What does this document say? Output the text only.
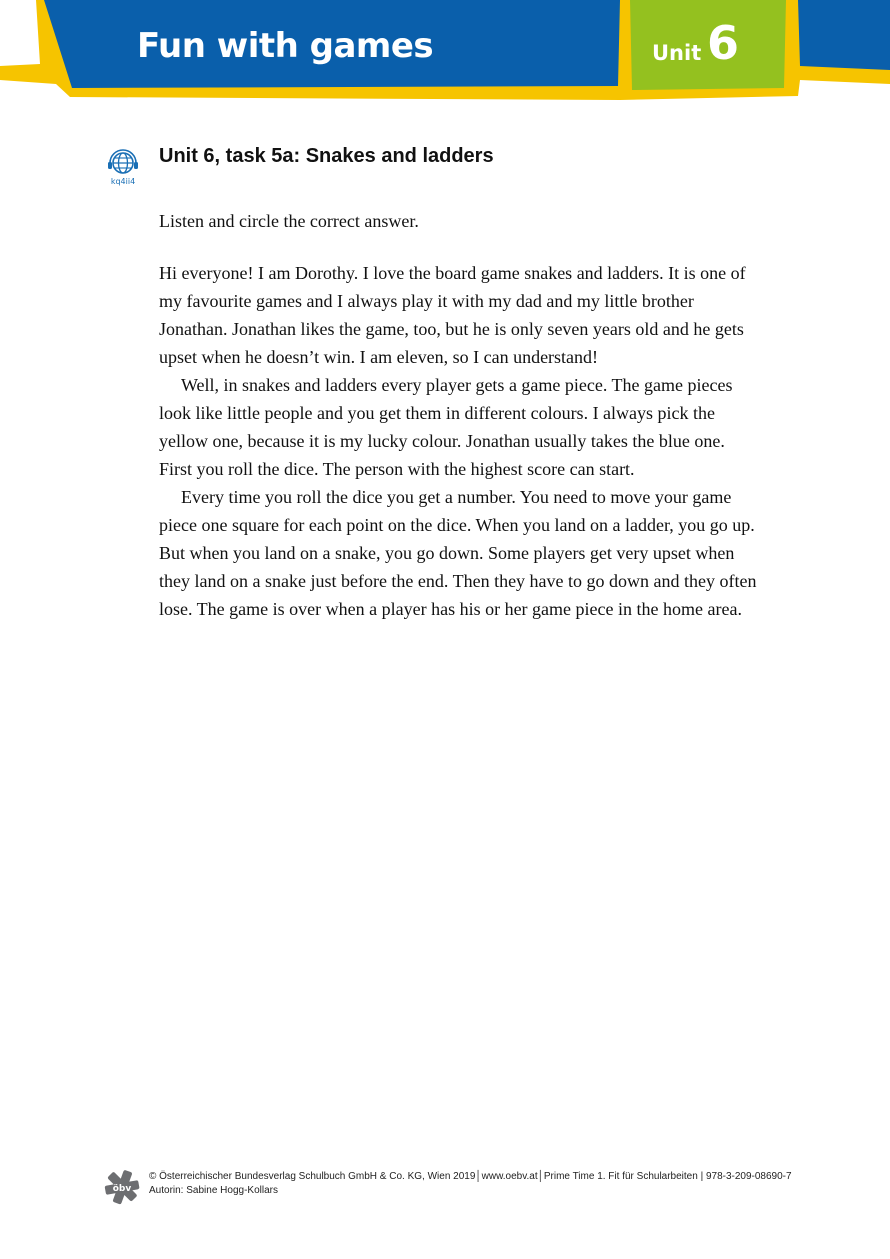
Fun with games	Unit 6
kq4ii4
Unit 6, task 5a: Snakes and ladders

Listen and circle the correct answer.

Hi everyone! I am Dorothy. I love the board game snakes and ladders. It is one of

my favourite games and I always play it with my dad and my little brother

Jonathan. Jonathan likes the game, too, but he is only seven years old and he gets

upset when he doesn’t win. I am eleven, so I can understand!

Well, in snakes and ladders every player gets a game piece. The game pieces

look like little people and you get them in different colours. I always pick the

yellow one, because it is my lucky colour. Jonathan usually takes the blue one.

First you roll the dice. The person with the highest score can start.

Every time you roll the dice you get a number. You need to move your game

piece one square for each point on the dice. When you land on a ladder, you go up.

But when you land on a snake, you go down. Some players get very upset when

they land on a snake just before the end. Then they have to go down and they often

lose. The game is over when a player has his or her game piece in the home area.

öbv
© Österreichischer Bundesverlag Schulbuch GmbH & Co. KG, Wien 2019│www.oebv.at│Prime Time 1. Fit für Schularbeiten | 978-3-209-08690-7
Autorin: Sabine Hogg-Kollars
